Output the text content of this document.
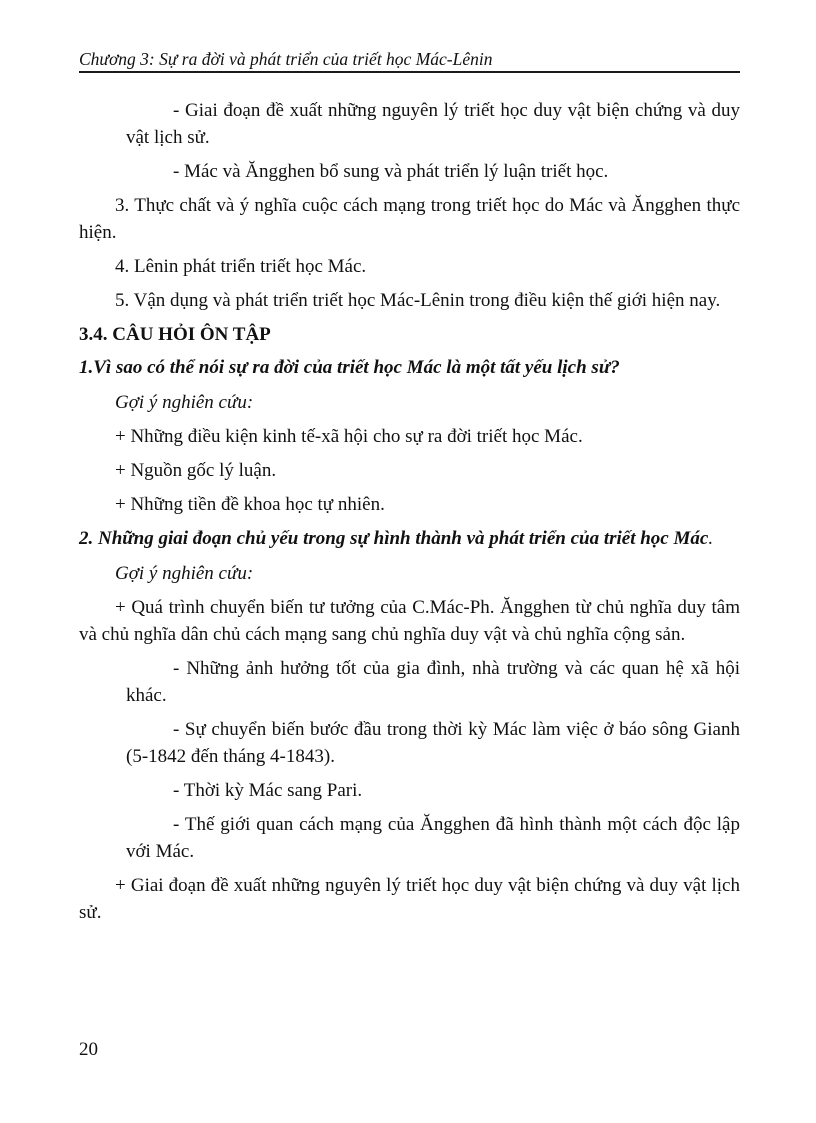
Chương 3: Sự ra đời và phát triển của triết học Mác-Lênin

- Giai đoạn đề xuất những nguyên lý triết học duy vật biện chứng và duy vật lịch sử.

- Mác và Ăngghen bổ sung và phát triển lý luận triết học.

3. Thực chất và ý nghĩa cuộc cách mạng trong triết học do Mác và Ăngghen thực hiện.

4. Lênin phát triển triết học Mác.

5. Vận dụng và phát triển triết học Mác-Lênin trong điều kiện thế giới hiện nay.

3.4. CÂU HỎI ÔN TẬP

1.Vì sao có thể nói sự ra đời của triết học Mác là một tất yếu lịch sử?

Gợi ý nghiên cứu:

+ Những điều kiện kinh tế-xã hội cho sự ra đời triết học Mác.

+ Nguồn gốc lý luận.

+ Những tiền đề khoa học tự nhiên.

2. Những giai đoạn chủ yếu trong sự hình thành và phát triển của triết học Mác.

Gợi ý nghiên cứu:

+ Quá trình chuyển biến tư tưởng của C.Mác-Ph. Ăngghen từ chủ nghĩa duy tâm và chủ nghĩa dân chủ cách mạng sang chủ nghĩa duy vật và chủ nghĩa cộng sản.

- Những ảnh hưởng tốt của gia đình, nhà trường và các quan hệ xã hội khác.

- Sự chuyển biến bước đầu trong thời kỳ Mác làm việc ở báo sông Gianh (5-1842 đến tháng 4-1843).

- Thời kỳ Mác sang Pari.

- Thế giới quan cách mạng của Ăngghen đã hình thành một cách độc lập với Mác.

+ Giai đoạn đề xuất những nguyên lý triết học duy vật biện chứng và duy vật lịch sử.

20
